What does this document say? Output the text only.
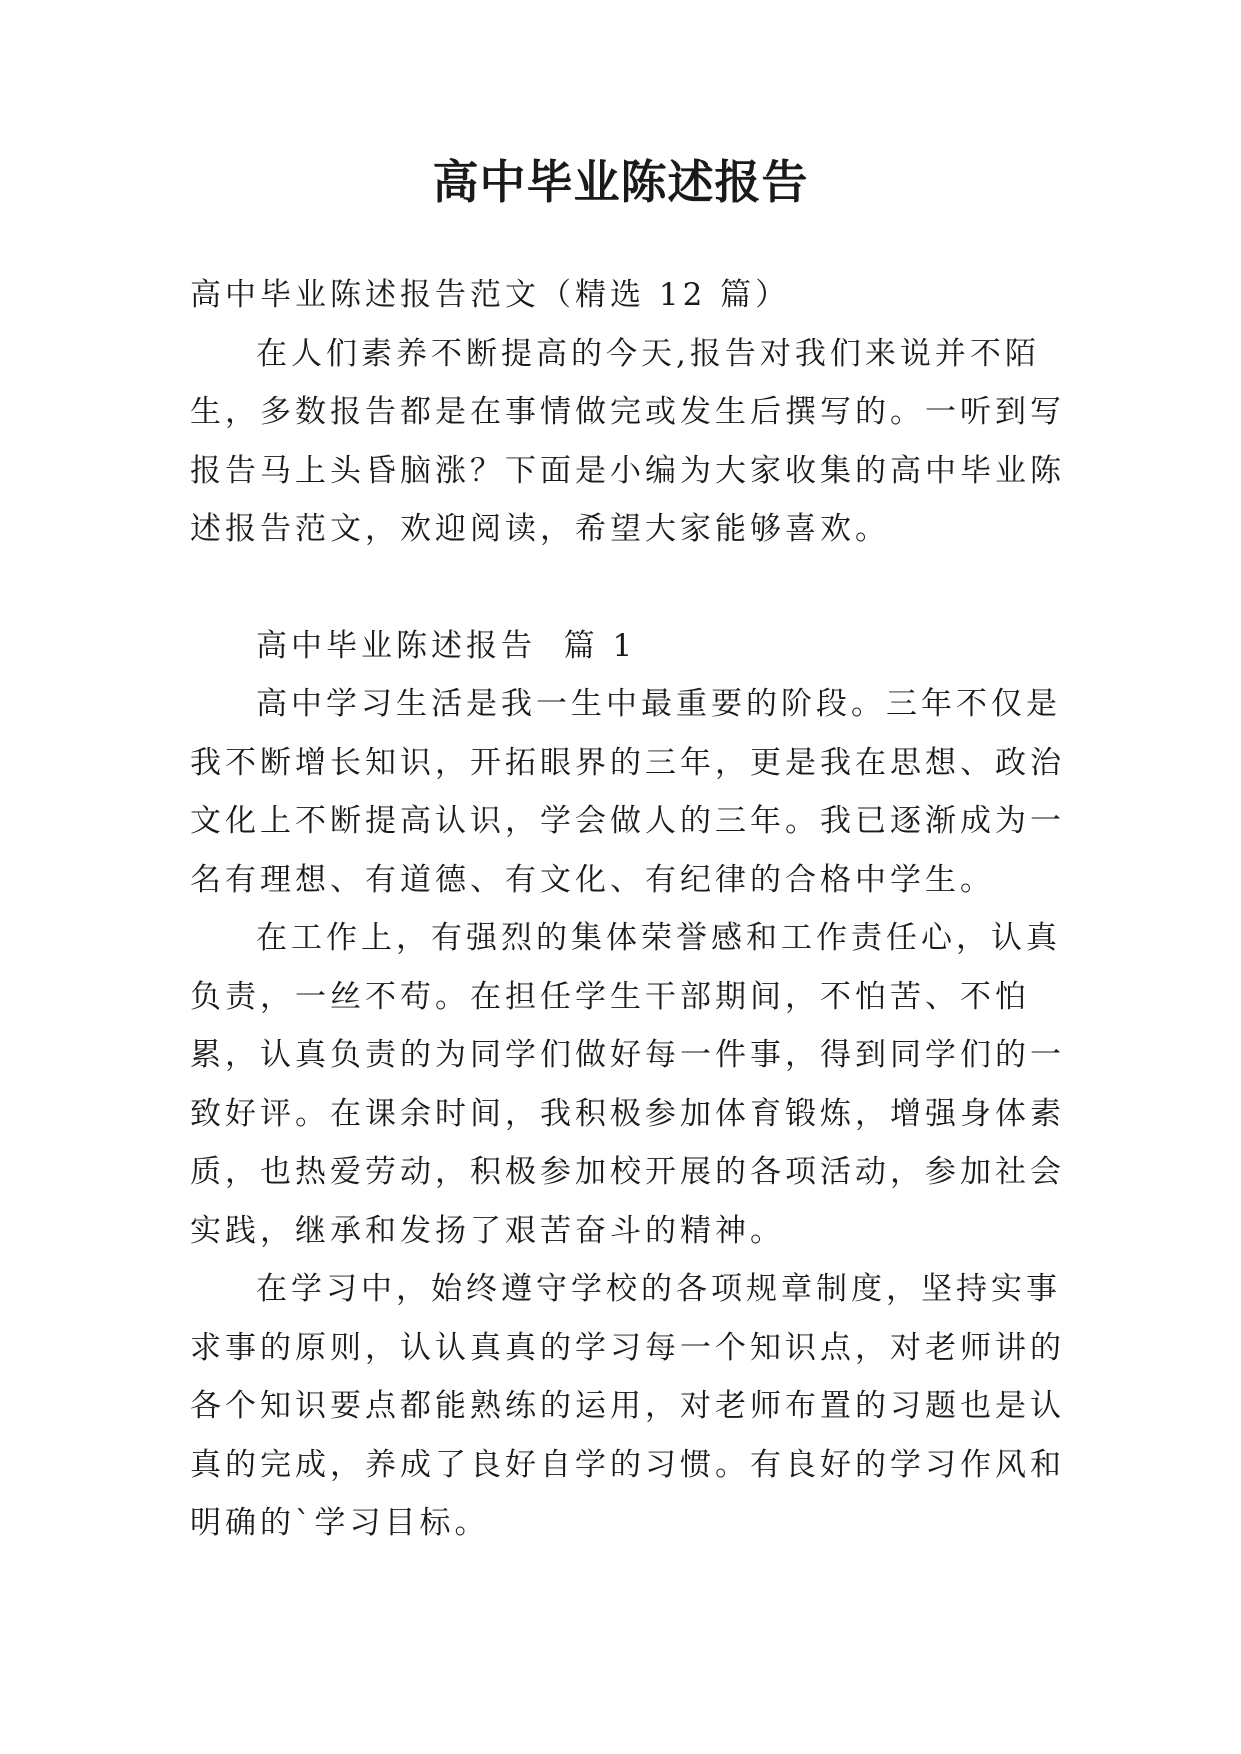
高中毕业陈述报告

高中毕业陈述报告范文（精选 12 篇）

在人们素养不断提高的今天,报告对我们来说并不陌生，多数报告都是在事情做完或发生后撰写的。一听到写报告马上头昏脑涨？下面是小编为大家收集的高中毕业陈述报告范文，欢迎阅读，希望大家能够喜欢。

高中毕业陈述报告  篇 1

高中学习生活是我一生中最重要的阶段。三年不仅是我不断增长知识，开拓眼界的三年，更是我在思想、政治文化上不断提高认识，学会做人的三年。我已逐渐成为一名有理想、有道德、有文化、有纪律的合格中学生。

在工作上，有强烈的集体荣誉感和工作责任心，认真负责，一丝不苟。在担任学生干部期间，不怕苦、不怕累，认真负责的为同学们做好每一件事，得到同学们的一致好评。在课余时间，我积极参加体育锻炼，增强身体素质，也热爱劳动，积极参加校开展的各项活动，参加社会实践，继承和发扬了艰苦奋斗的精神。

在学习中，始终遵守学校的各项规章制度，坚持实事求事的原则，认认真真的学习每一个知识点，对老师讲的各个知识要点都能熟练的运用，对老师布置的习题也是认真的完成，养成了良好自学的习惯。有良好的学习作风和明确的`学习目标。
